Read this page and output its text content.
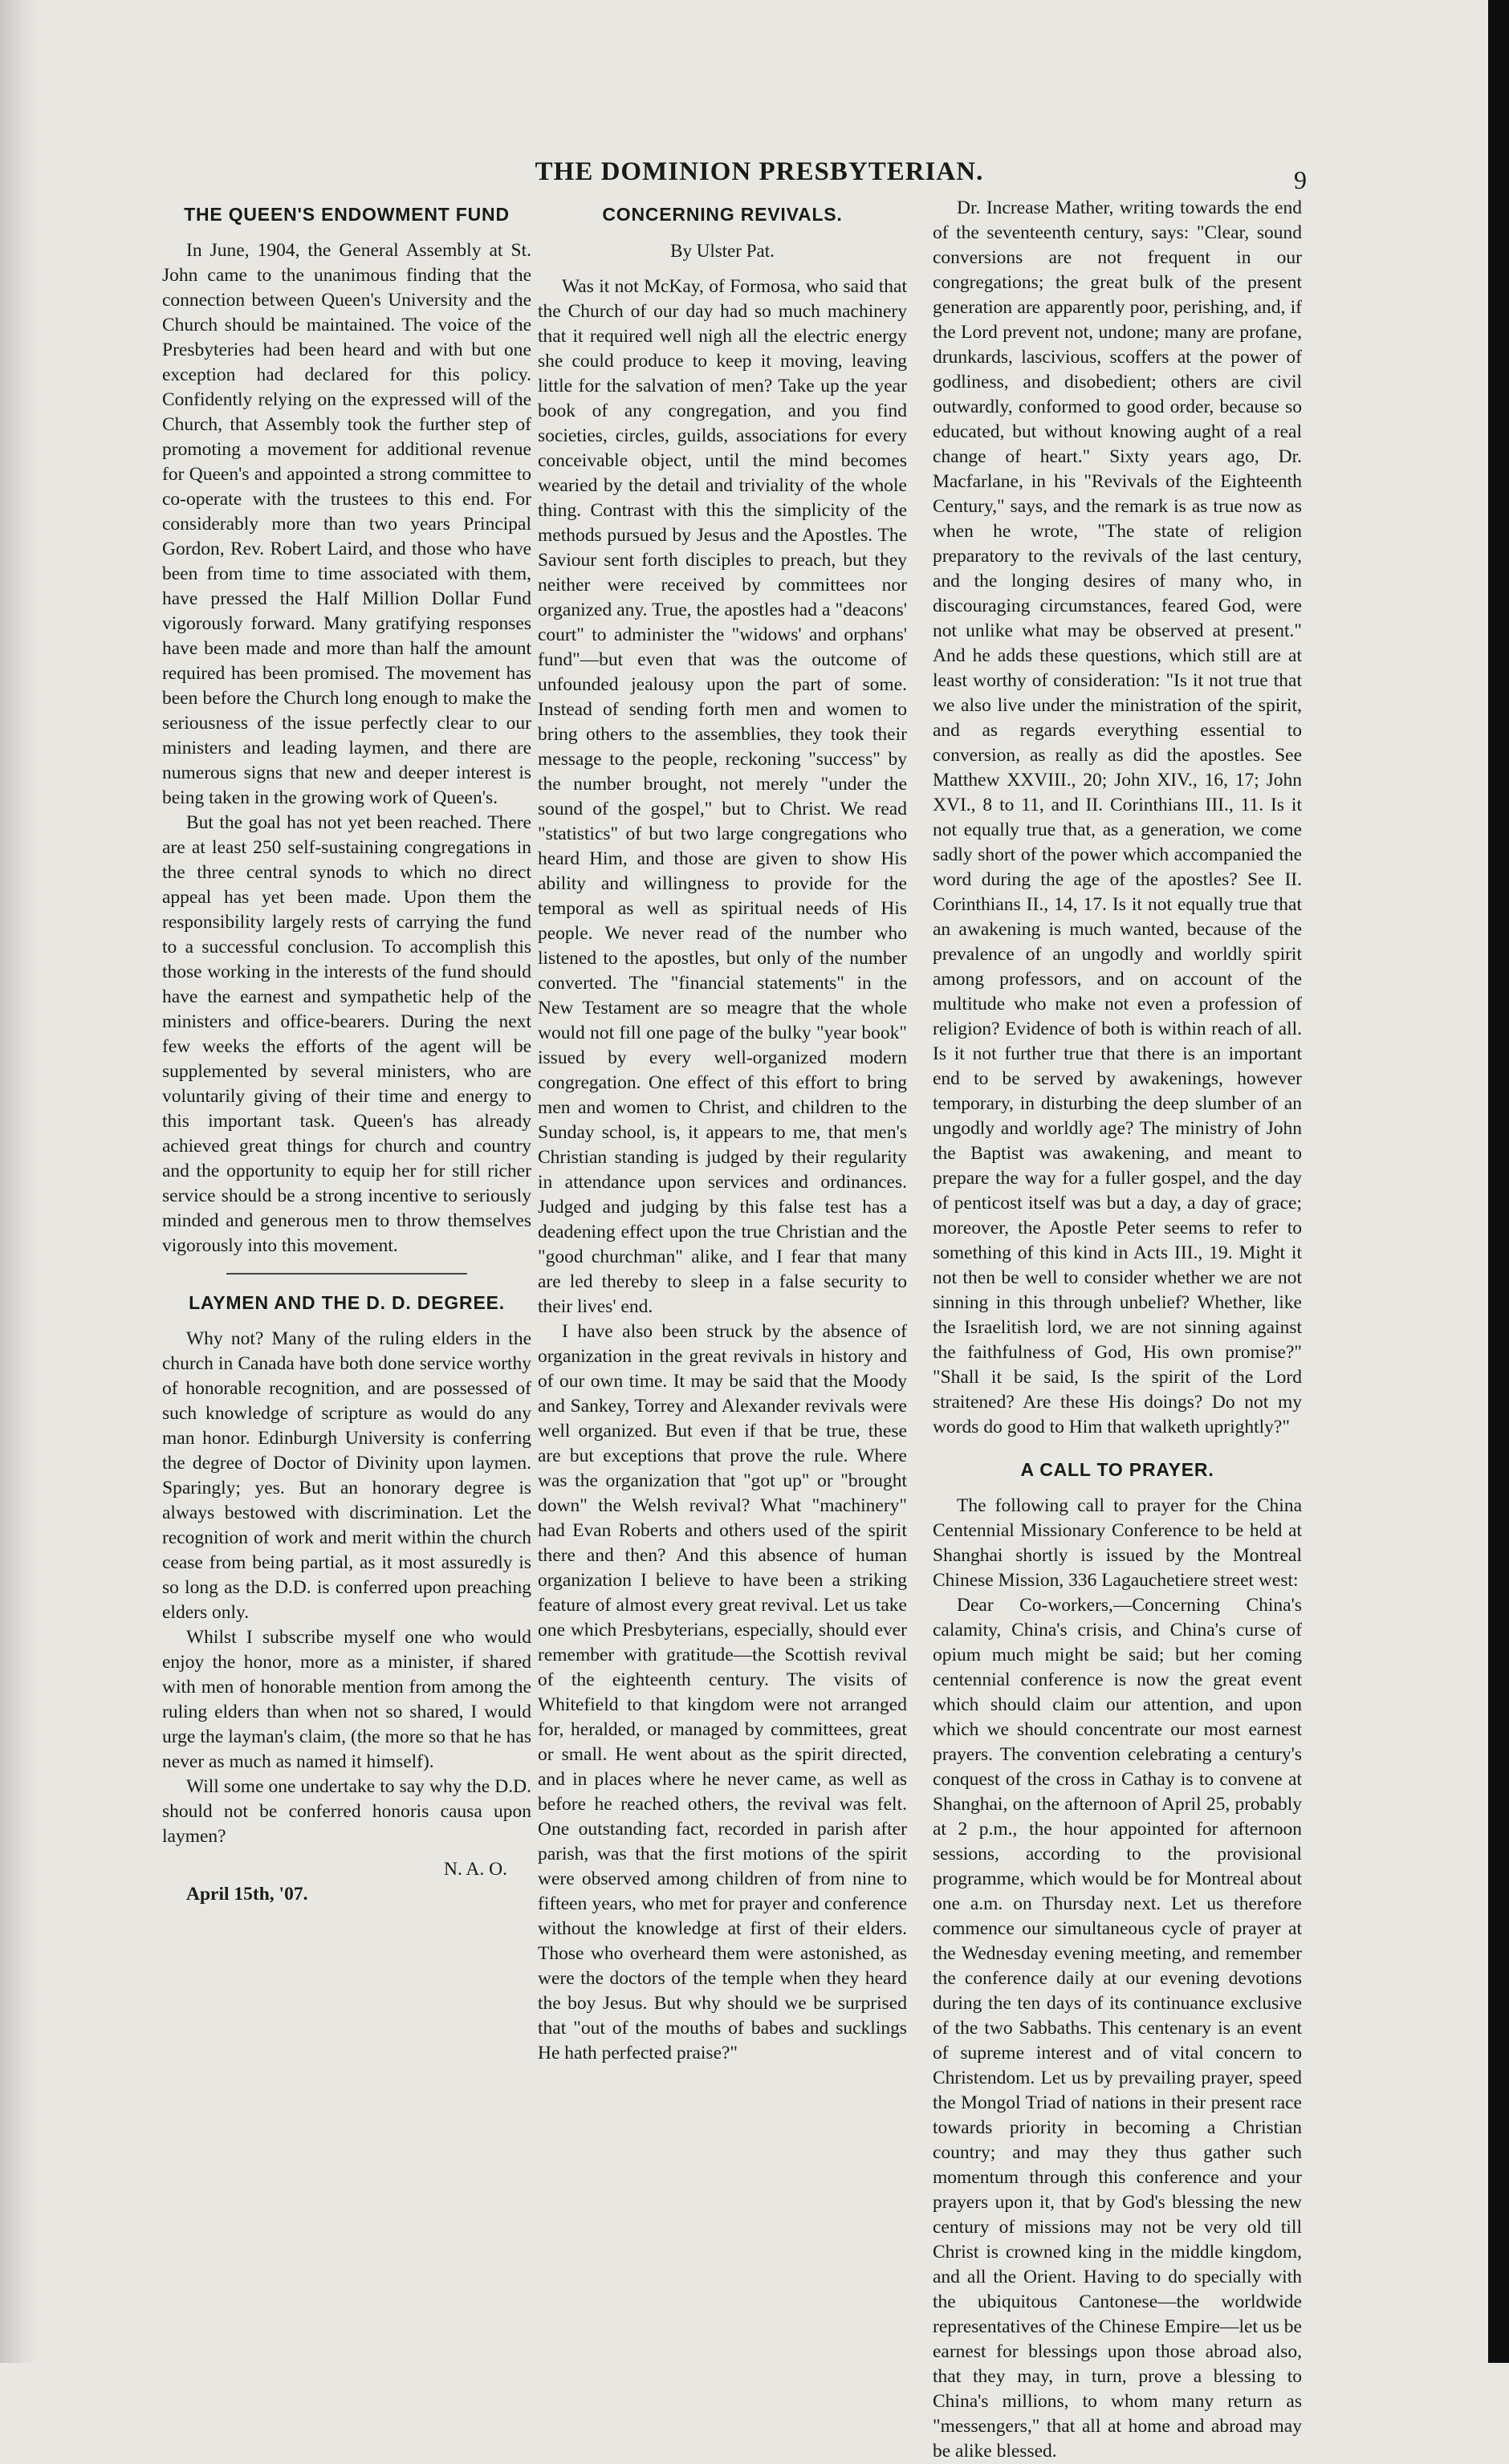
THE DOMINION PRESBYTERIAN.	9
THE QUEEN'S ENDOWMENT FUND

In June, 1904, the General Assembly at St. John came to the unanimous finding that the connection between Queen's University and the Church should be maintained. The voice of the Presbyteries had been heard and with but one exception had declared for this policy. Confidently relying on the expressed will of the Church, that Assembly took the further step of promoting a movement for additional revenue for Queen's and appointed a strong committee to co-operate with the trustees to this end. For considerably more than two years Principal Gordon, Rev. Robert Laird, and those who have been from time to time associated with them, have pressed the Half Million Dollar Fund vigorously forward. Many gratifying responses have been made and more than half the amount required has been promised. The movement has been before the Church long enough to make the seriousness of the issue perfectly clear to our ministers and leading laymen, and there are numerous signs that new and deeper interest is being taken in the growing work of Queen's.

But the goal has not yet been reached. There are at least 250 self-sustaining congregations in the three central synods to which no direct appeal has yet been made. Upon them the responsibility largely rests of carrying the fund to a successful conclusion. To accomplish this those working in the interests of the fund should have the earnest and sympathetic help of the ministers and office-bearers. During the next few weeks the efforts of the agent will be supplemented by several ministers, who are voluntarily giving of their time and energy to this important task. Queen's has already achieved great things for church and country and the opportunity to equip her for still richer service should be a strong incentive to seriously minded and generous men to throw themselves vigorously into this movement.

LAYMEN AND THE D. D. DEGREE.

Why not? Many of the ruling elders in the church in Canada have both done service worthy of honorable recognition, and are possessed of such knowledge of scripture as would do any man honor. Edinburgh University is conferring the degree of Doctor of Divinity upon laymen. Sparingly; yes. But an honorary degree is always bestowed with discrimination. Let the recognition of work and merit within the church cease from being partial, as it most assuredly is so long as the D.D. is conferred upon preaching elders only.

Whilst I subscribe myself one who would enjoy the honor, more as a minister, if shared with men of honorable mention from among the ruling elders than when not so shared, I would urge the layman's claim, (the more so that he has never as much as named it himself).

Will some one undertake to say why the D.D. should not be conferred honoris causa upon laymen?

N. A. O.

April 15th, '07.

CONCERNING REVIVALS.
By Ulster Pat.

Was it not McKay, of Formosa, who said that the Church of our day had so much machinery that it required well nigh all the electric energy she could produce to keep it moving, leaving little for the salvation of men? Take up the year book of any congregation, and you find societies, circles, guilds, associations for every conceivable object, until the mind becomes wearied by the detail and triviality of the whole thing. Contrast with this the simplicity of the methods pursued by Jesus and the Apostles. The Saviour sent forth disciples to preach, but they neither were received by committees nor organized any. True, the apostles had a "deacons' court" to administer the "widows' and orphans' fund"—but even that was the outcome of unfounded jealousy upon the part of some. Instead of sending forth men and women to bring others to the assemblies, they took their message to the people, reckoning "success" by the number brought, not merely "under the sound of the gospel," but to Christ. We read "statistics" of but two large congregations who heard Him, and those are given to show His ability and willingness to provide for the temporal as well as spiritual needs of His people. We never read of the number who listened to the apostles, but only of the number converted. The "financial statements" in the New Testament are so meagre that the whole would not fill one page of the bulky "year book" issued by every well-organized modern congregation. One effect of this effort to bring men and women to Christ, and children to the Sunday school, is, it appears to me, that men's Christian standing is judged by their regularity in attendance upon services and ordinances. Judged and judging by this false test has a deadening effect upon the true Christian and the "good churchman" alike, and I fear that many are led thereby to sleep in a false security to their lives' end.

I have also been struck by the absence of organization in the great revivals in history and of our own time. It may be said that the Moody and Sankey, Torrey and Alexander revivals were well organized. But even if that be true, these are but exceptions that prove the rule. Where was the organization that "got up" or "brought down" the Welsh revival? What "machinery" had Evan Roberts and others used of the spirit there and then? And this absence of human organization I believe to have been a striking feature of almost every great revival. Let us take one which Presbyterians, especially, should ever remember with gratitude—the Scottish revival of the eighteenth century. The visits of Whitefield to that kingdom were not arranged for, heralded, or managed by committees, great or small. He went about as the spirit directed, and in places where he never came, as well as before he reached others, the revival was felt. One outstanding fact, recorded in parish after parish, was that the first motions of the spirit were observed among children of from nine to fifteen years, who met for prayer and conference without the knowledge at first of their elders. Those who overheard them were astonished, as were the doctors of the temple when they heard the boy Jesus. But why should we be surprised that "out of the mouths of babes and sucklings He hath perfected praise?"

Dr. Increase Mather, writing towards the end of the seventeenth century, says: "Clear, sound conversions are not frequent in our congregations; the great bulk of the present generation are apparently poor, perishing, and, if the Lord prevent not, undone; many are profane, drunkards, lascivious, scoffers at the power of godliness, and disobedient; others are civil outwardly, conformed to good order, because so educated, but without knowing aught of a real change of heart." Sixty years ago, Dr. Macfarlane, in his "Revivals of the Eighteenth Century," says, and the remark is as true now as when he wrote, "The state of religion preparatory to the revivals of the last century, and the longing desires of many who, in discouraging circumstances, feared God, were not unlike what may be observed at present." And he adds these questions, which still are at least worthy of consideration: "Is it not true that we also live under the ministration of the spirit, and as regards everything essential to conversion, as really as did the apostles. See Matthew XXVIII., 20; John XIV., 16, 17; John XVI., 8 to 11, and II. Corinthians III., 11. Is it not equally true that, as a generation, we come sadly short of the power which accompanied the word during the age of the apostles? See II. Corinthians II., 14, 17. Is it not equally true that an awakening is much wanted, because of the prevalence of an ungodly and worldly spirit among professors, and on account of the multitude who make not even a profession of religion? Evidence of both is within reach of all. Is it not further true that there is an important end to be served by awakenings, however temporary, in disturbing the deep slumber of an ungodly and worldly age? The ministry of John the Baptist was awakening, and meant to prepare the way for a fuller gospel, and the day of penticost itself was but a day, a day of grace; moreover, the Apostle Peter seems to refer to something of this kind in Acts III., 19. Might it not then be well to consider whether we are not sinning in this through unbelief? Whether, like the Israelitish lord, we are not sinning against the faithfulness of God, His own promise?" "Shall it be said, Is the spirit of the Lord straitened? Are these His doings? Do not my words do good to Him that walketh uprightly?"

A CALL TO PRAYER.

The following call to prayer for the China Centennial Missionary Conference to be held at Shanghai shortly is issued by the Montreal Chinese Mission, 336 Lagauchetiere street west:

Dear Co-workers,—Concerning China's calamity, China's crisis, and China's curse of opium much might be said; but her coming centennial conference is now the great event which should claim our attention, and upon which we should concentrate our most earnest prayers. The convention celebrating a century's conquest of the cross in Cathay is to convene at Shanghai, on the afternoon of April 25, probably at 2 p.m., the hour appointed for afternoon sessions, according to the provisional programme, which would be for Montreal about one a.m. on Thursday next. Let us therefore commence our simultaneous cycle of prayer at the Wednesday evening meeting, and remember the conference daily at our evening devotions during the ten days of its continuance exclusive of the two Sabbaths. This centenary is an event of supreme interest and of vital concern to Christendom. Let us by prevailing prayer, speed the Mongol Triad of nations in their present race towards priority in becoming a Christian country; and may they thus gather such momentum through this conference and your prayers upon it, that by God's blessing the new century of missions may not be very old till Christ is crowned king in the middle kingdom, and all the Orient. Having to do specially with the ubiquitous Cantonese—the worldwide representatives of the Chinese Empire—let us be earnest for blessings upon those abroad also, that they may, in turn, prove a blessing to China's millions, to whom many return as "messengers," that all at home and abroad may be alike blessed.
